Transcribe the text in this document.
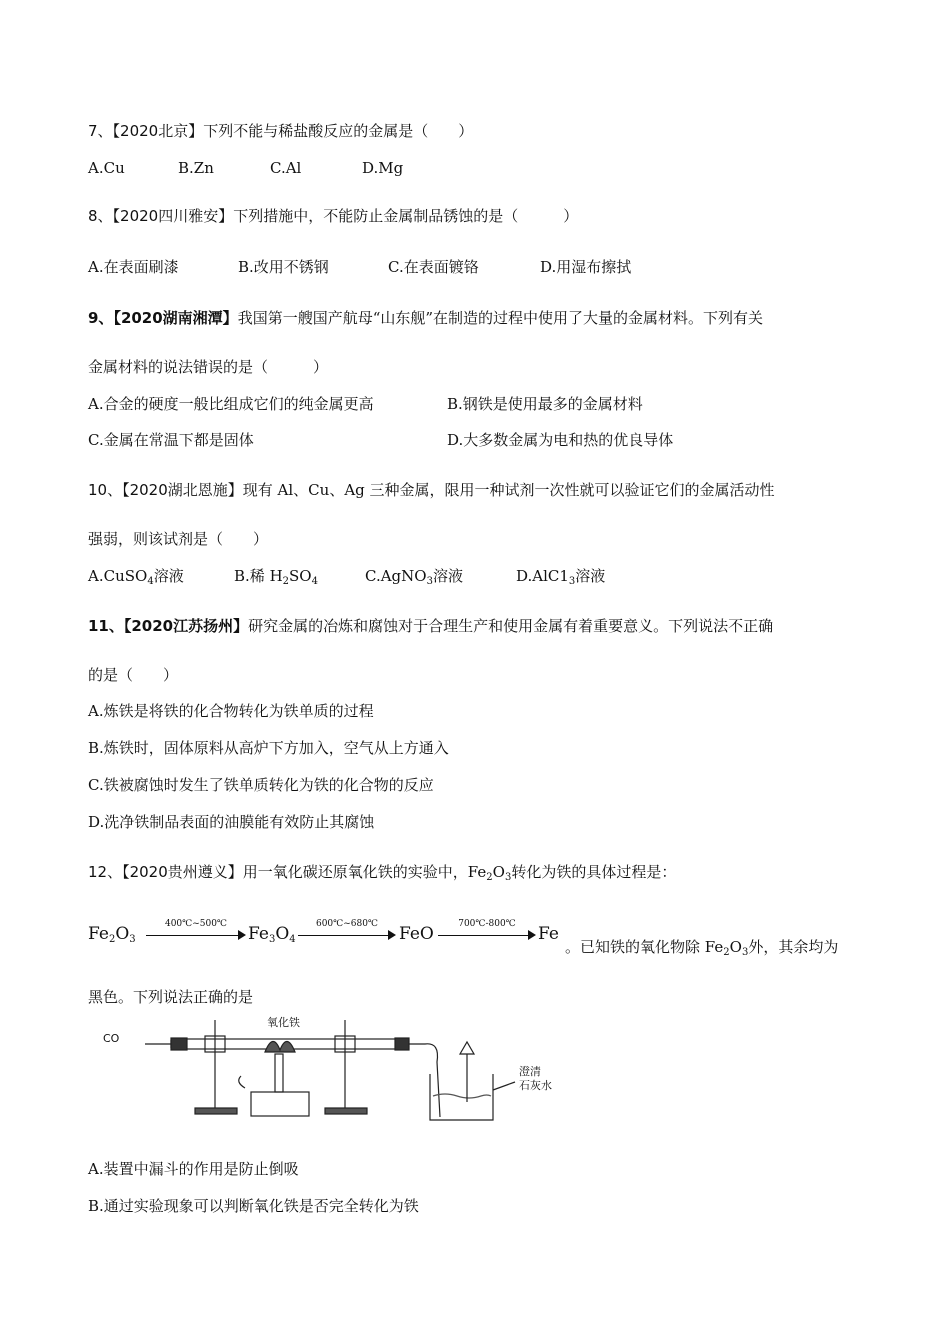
7、【2020北京】下列不能与稀盐酸反应的金属是（　　）
A.Cu	B.Zn	C.Al	D.Mg
8、【2020四川雅安】下列措施中，不能防止金属制品锈蚀的是（　　　）
A.在表面刷漆	B.改用不锈钢	C.在表面镀铬	D.用湿布擦拭
9、【2020湖南湘潭】我国第一艘国产航母“山东舰”在制造的过程中使用了大量的金属材料。下列有关
金属材料的说法错误的是（　　　）
A.合金的硬度一般比组成它们的纯金属更高	B.钢铁是使用最多的金属材料
C.金属在常温下都是固体	D.大多数金属为电和热的优良导体
10、【2020湖北恩施】现有 Al、Cu、Ag 三种金属，限用一种试剂一次性就可以验证它们的金属活动性
强弱，则该试剂是（　　）
A.CuSO$_4$溶液	B.稀 $H_2SO_4$	C.AgNO$_3$溶液	$D.AlC1_3$溶液
11、【2020江苏扬州】研究金属的冶炼和腐蚀对于合理生产和使用金属有着重要意义。下列说法不正确
的是（　　）
A.炼铁是将铁的化合物转化为铁单质的过程
B.炼铁时，固体原料从高炉下方加入，空气从上方通入
C.铁被腐蚀时发生了铁单质转化为铁的化合物的反应
D.洗净铁制品表面的油膜能有效防止其腐蚀
12、【2020贵州遵义】用一氧化碳还原氧化铁的实验中，$Fe_2O_3$转化为铁的具体过程是：
$Fe_2O_3$
400℃~500℃	$Fe_3O_4$
600℃~680℃	FeO	700℃-800℃	Fe
。已知铁的氧化物除 $Fe_2O_3$外，其余均为
黑色。下列说法正确的是
CO
氧化铁
澄清
石灰水
A.装置中漏斗的作用是防止倒吸
B.通过实验现象可以判断氧化铁是否完全转化为铁
